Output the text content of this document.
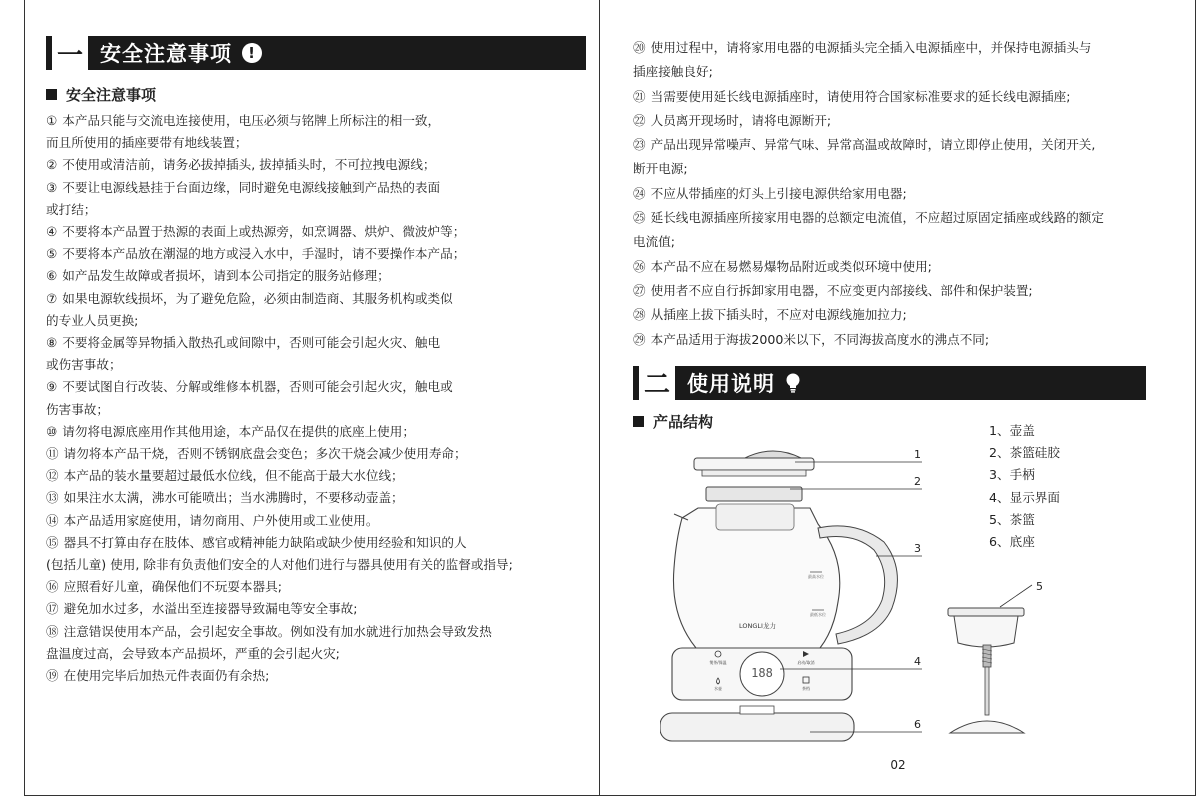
一 安全注意事项	!
安全注意事项
① 本产品只能与交流电连接使用，电压必须与铭牌上所标注的相一致，
而且所使用的插座要带有地线装置；
② 不使用或清洁前，请务必拔掉插头, 拔掉插头时，不可拉拽电源线；
③ 不要让电源线悬挂于台面边缘，同时避免电源线接触到产品热的表面
或打结；
④ 不要将本产品置于热源的表面上或热源旁，如烹调器、烘炉、微波炉等；
⑤ 不要将本产品放在潮湿的地方或浸入水中，手湿时，请不要操作本产品；
⑥ 如产品发生故障或者损坏，请到本公司指定的服务站修理；
⑦ 如果电源软线损坏，为了避免危险，必须由制造商、其服务机构或类似
的专业人员更换;
⑧ 不要将金属等异物插入散热孔或间隙中，否则可能会引起火灾、触电
或伤害事故；
⑨ 不要试图自行改装、分解或维修本机器，否则可能会引起火灾，触电或
伤害事故；
⑩ 请勿将电源底座用作其他用途，本产品仅在提供的底座上使用；
⑪ 请勿将本产品干烧，否则不锈钢底盘会变色；多次干烧会减少使用寿命；
⑫ 本产品的装水量要超过最低水位线，但不能高于最大水位线；
⑬ 如果注水太满，沸水可能喷出；当水沸腾时，不要移动壶盖；
⑭ 本产品适用家庭使用，请勿商用、户外使用或工业使用。
⑮ 器具不打算由存在肢体、感官或精神能力缺陷或缺少使用经验和知识的人
(包括儿童) 使用, 除非有负责他们安全的人对他们进行与器具使用有关的监督或指导;
⑯ 应照看好儿童，确保他们不玩耍本器具;
⑰ 避免加水过多，水溢出至连接器导致漏电等安全事故;
⑱ 注意错误使用本产品，会引起安全事故。例如没有加水就进行加热会导致发热
盘温度过高，会导致本产品损坏，严重的会引起火灾;
⑲ 在使用完毕后加热元件表面仍有余热;
⑳ 使用过程中，请将家用电器的电源插头完全插入电源插座中，并保持电源插头与
插座接触良好;
㉑ 当需要使用延长线电源插座时，请使用符合国家标准要求的延长线电源插座;
㉒ 人员离开现场时，请将电源断开;
㉓ 产品出现异常噪声、异常气味、异常高温或故障时，请立即停止使用，关闭开关,
断开电源;
㉔ 不应从带插座的灯头上引接电源供给家用电器;
㉕ 延长线电源插座所接家用电器的总额定电流值，不应超过原固定插座或线路的额定
电流值;
㉖ 本产品不应在易燃易爆物品附近或类似环境中使用;
㉗ 使用者不应自行拆卸家用电器，不应变更内部接线、部件和保护装置;
㉘ 从插座上拔下插头时，不应对电源线施加拉力;
㉙ 本产品适用于海拔2000米以下，不同海拔高度水的沸点不同;
二 使用说明
产品结构	1、壶盖
2、茶篮硅胶
3、手柄
4、显示界面
5、茶篮
6、底座
最高水位
最低水位
LONGLI龙力
188
煲茶/保温	启动/取消
水壶	茶档
1
2
3
4
6
5
02
